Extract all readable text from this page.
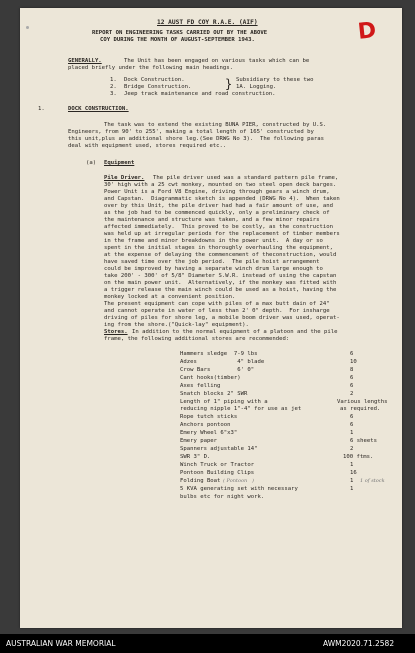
12 AUST FD COY R.A.E. (AIF)	D
REPORT ON ENGINEERING TASKS CARRIED OUT BY THE ABOVE
COY DURING THE MONTH OF AUGUST-SEPTEMBER 1943.
GENERALLY.	The Unit has been engaged on various tasks which can be
placed briefly under the following main headings.
1. Dock Construction.	Subsidiary to these two
2. Bridge Construction.	1A. Logging.
3. Jeep track maintenance and road construction.
}
1.	DOCK CONSTRUCTION.
The task was to extend the existing BUNA PIER, constructed by U.S.
Engineers, from 90' to 255', making a total length of 165' constructed by
this unit,plus an additional shore leg.(See DRWG No 3).  The following paras
deal with equipment used, stores required etc..
(a) Equipment
Pile Driver. The pile driver used was a standard pattern pile frame,
30' high with a 25 cwt monkey, mounted on two steel open deck barges.
Power Unit is a Ford V8 Engine, driving through gears a winch drum,
and Capstan.  Diagrammatic sketch is appended (DRWG No 4).  When taken
over by this Unit, the pile driver had had a fair amount of use, and
as the job had to be commenced quickly, only a preliminary check of
the maintenance and structure was taken, and a few minor repairs
affected immediately.  This proved to be costly, as the construction
was held up at irregular periods for the replacement of timber members
in the frame and minor breakdowns in the power unit.  A day or so
spent in the initial stages in thoroughly overhauling the equipment,
at the expense of delaying the commencement of theconstruction, would
have saved time over the job period.  The pile hoist arrangement
could be improved by having a separate winch drum large enough to
take 200' - 300' of 5/8" Diameter S.W.R. instead of using the capstan
on the main power unit.  Alternatively, if the monkey was fitted with
a trigger release the main winch could be used as a hoist, having the
monkey locked at a convenient position.
The present equipment can cope with piles of a max butt dain of 24"
and cannot operate in water of less than 2' 0" depth.  For insharge
driving of piles for shore leg, a mobile boom driver was used, operat-
ing from the shore.("Quick-lay" equipment).
Stores. In addition to the normal equipment of a platoon and the pile
frame, the following additional stores are recommended:
Hammers sledge  7-9 lbs	6
Adzes            4" blade	10
Crow Bars        6' 0"	8
Cant hooks(timber)	6
Axes felling	6
Snatch blocks 2" SWR	2
Length of 1" piping with a	Various lengths
reducing nipple 1"-4" for use as jet	as required.
Rope tutch sticks	6
Anchors pontoon	6
Emery Wheel 6"x3"	1
Emery paper	6 sheets
Spanners adjustable 14"	2
SWR 3" D.	100 ftms.
Winch Truck or Tractor	1
Pontoon Building Clips	16
Folding Boat ( Pontoon   )	1 1 of stock
5 KVA generating set with necessary	1
bulbs etc for night work.
AUSTRALIAN WAR MEMORIAL	AWM2020.71.2582
